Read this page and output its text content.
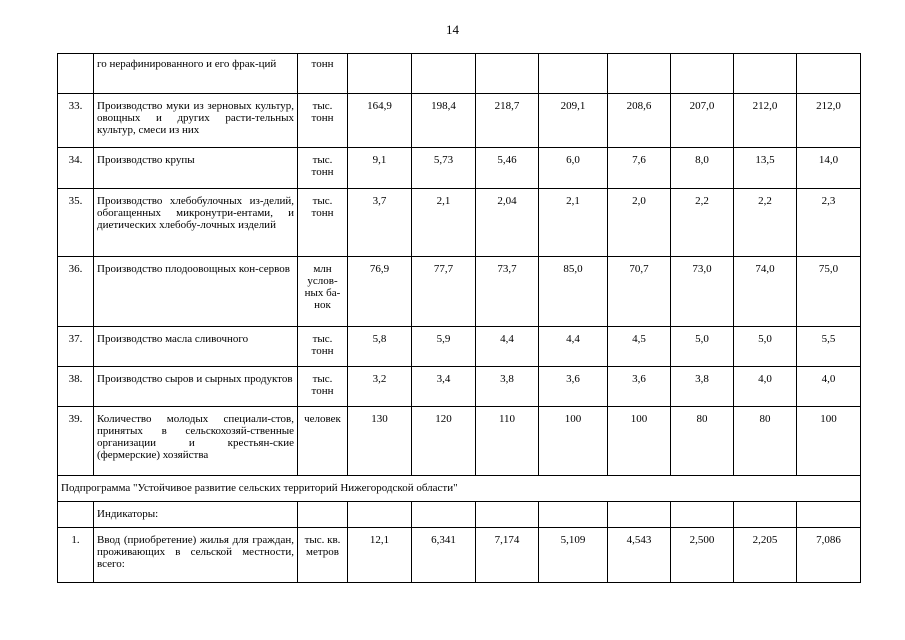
14
	го нерафинированного и его фрак-ций	тонн								
33.	Производство муки из зерновых культур, овощных и других расти-тельных культур, смеси из них	тыс. тонн	164,9	198,4	218,7	209,1	208,6	207,0	212,0	212,0
34.	Производство крупы	тыс. тонн	9,1	5,73	5,46	6,0	7,6	8,0	13,5	14,0
35.	Производство хлебобулочных из-делий, обогащенных микронутри-ентами, и диетических хлебобу-лочных изделий	тыс. тонн	3,7	2,1	2,04	2,1	2,0	2,2	2,2	2,3
36.	Производство плодоовощных кон-сервов	млн услов-ных ба-нок	76,9	77,7	73,7	85,0	70,7	73,0	74,0	75,0
37.	Производство масла сливочного	тыс. тонн	5,8	5,9	4,4	4,4	4,5	5,0	5,0	5,5
38.	Производство сыров и сырных продуктов	тыс. тонн	3,2	3,4	3,8	3,6	3,6	3,8	4,0	4,0
39.	Количество молодых специали-стов, принятых в сельскохозяй-ственные организации и крестьян-ские (фермерские) хозяйства	человек	130	120	110	100	100	80	80	100
Подпрограмма "Устойчивое развитие сельских территорий Нижегородской области"										
	Индикаторы:									
1.	Ввод (приобретение) жилья для граждан, проживающих в сельской местности, всего:	тыс. кв. метров	12,1	6,341	7,174	5,109	4,543	2,500	2,205	7,086
